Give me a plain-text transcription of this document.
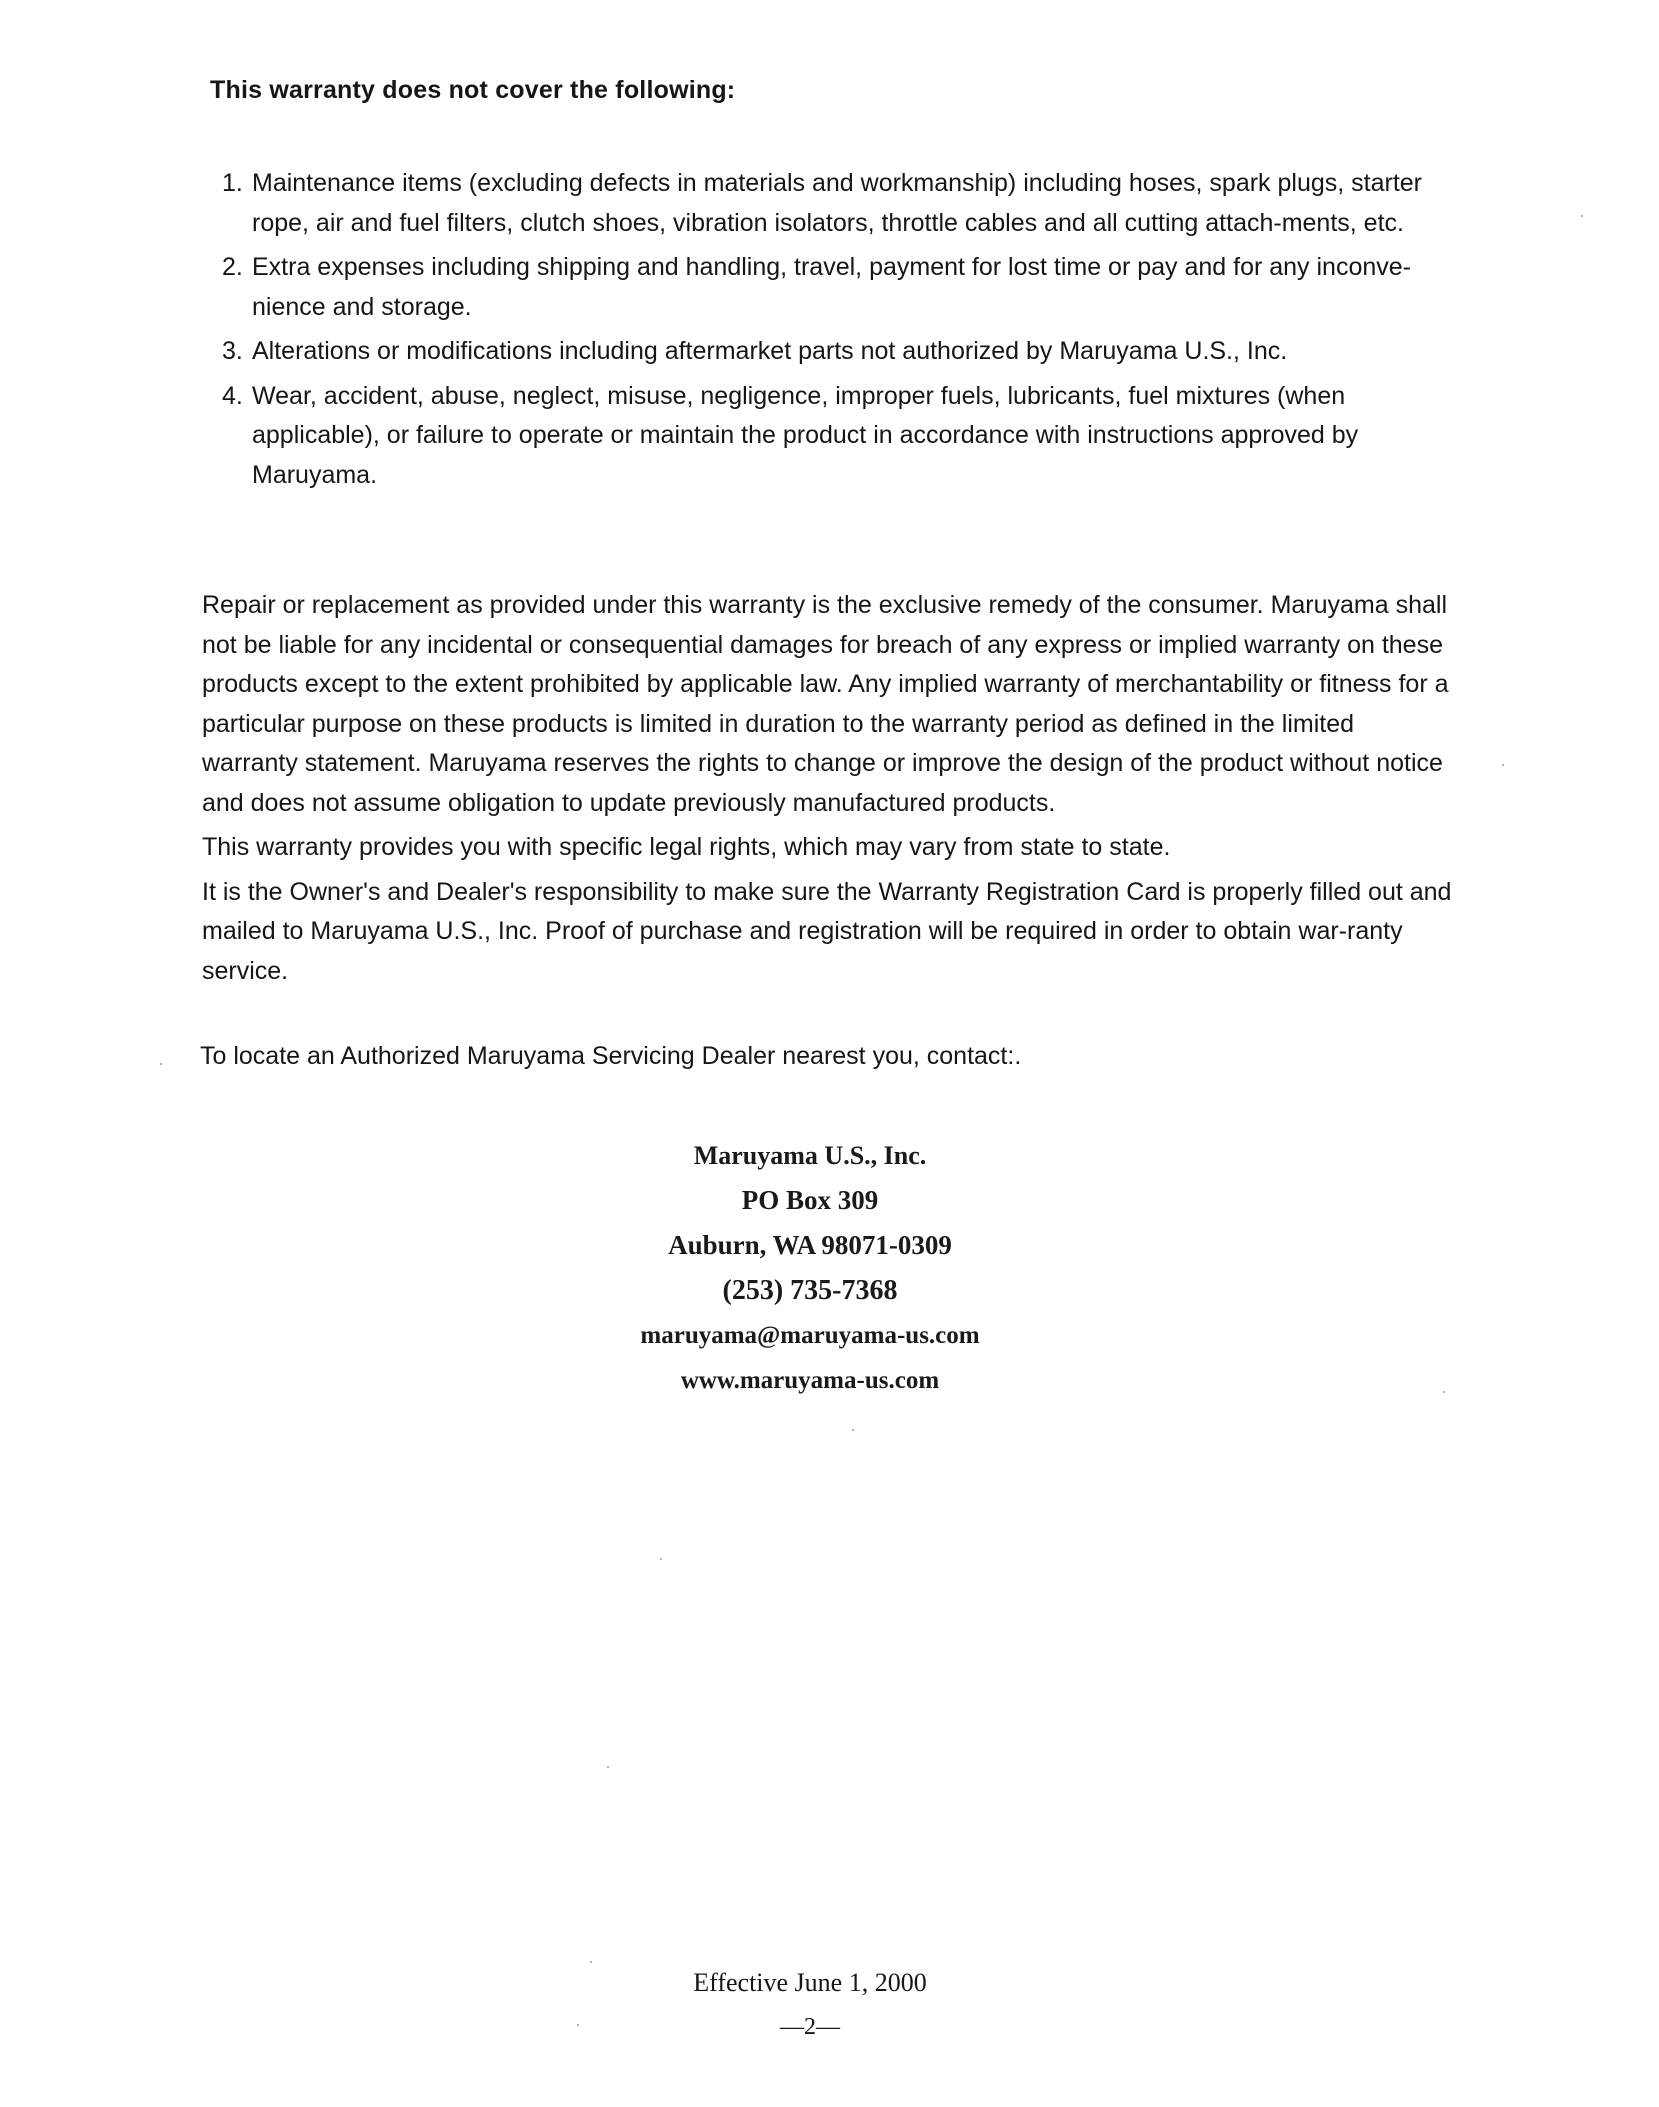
This warranty does not cover the following:
1. Maintenance items (excluding defects in materials and workmanship) including hoses, spark plugs, starter rope, air and fuel filters, clutch shoes, vibration isolators, throttle cables and all cutting attach-ments, etc.
2. Extra expenses including shipping and handling, travel, payment for lost time or pay and for any inconve-nience and storage.
3. Alterations or modifications including aftermarket parts not authorized by Maruyama U.S., Inc.
4. Wear, accident, abuse, neglect, misuse, negligence, improper fuels, lubricants, fuel mixtures (when applicable), or failure to operate or maintain the product in accordance with instructions approved by Maruyama.

Repair or replacement as provided under this warranty is the exclusive remedy of the consumer. Maruyama shall not be liable for any incidental or consequential damages for breach of any express or implied warranty on these products except to the extent prohibited by applicable law. Any implied warranty of merchantability or fitness for a particular purpose on these products is limited in duration to the warranty period as defined in the limited warranty statement. Maruyama reserves the rights to change or improve the design of the product without notice and does not assume obligation to update previously manufactured products.

This warranty provides you with specific legal rights, which may vary from state to state.

It is the Owner's and Dealer's responsibility to make sure the Warranty Registration Card is properly filled out and mailed to Maruyama U.S., Inc. Proof of purchase and registration will be required in order to obtain war-ranty service.

To locate an Authorized Maruyama Servicing Dealer nearest you, contact:.
Maruyama U.S., Inc.
PO Box 309
Auburn, WA 98071-0309
(253) 735-7368
maruyama@maruyama-us.com
www.maruyama-us.com
Effective June 1, 2000
—2—
